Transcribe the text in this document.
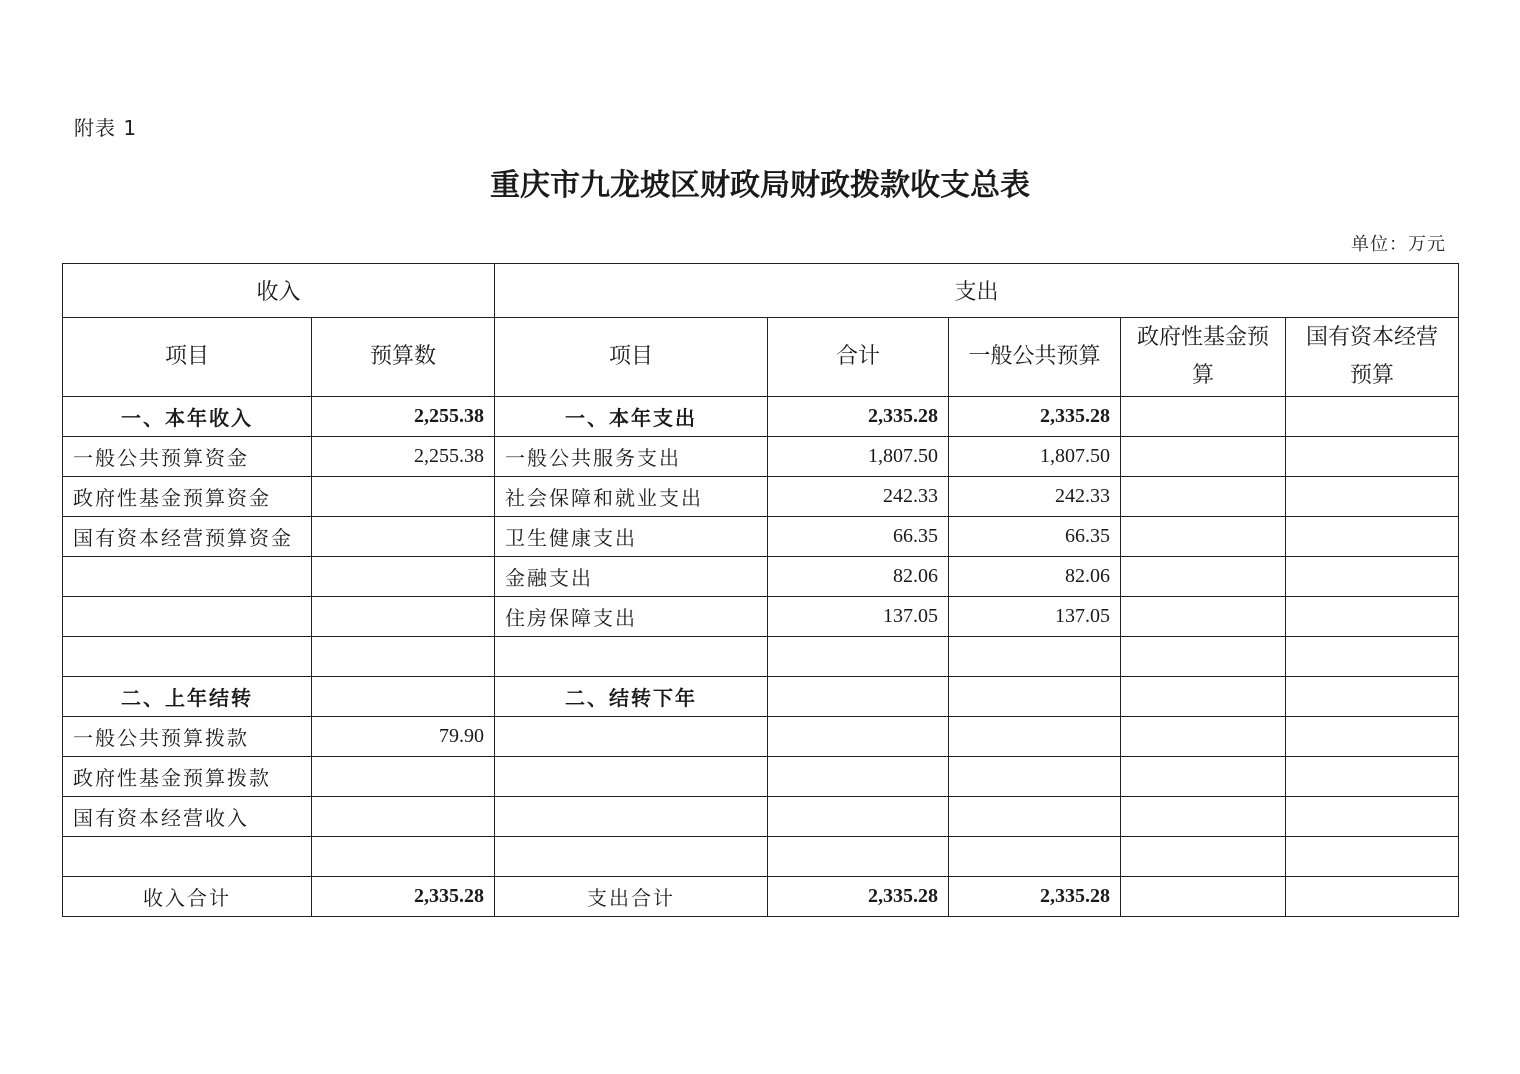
附表 1
重庆市九龙坡区财政局财政拨款收支总表
单位：万元
收入		支出				
项目	预算数	项目	合计	一般公共预算	政府性基金预算	国有资本经营预算
一、本年收入	2,255.38	一、本年支出	2,335.28	2,335.28		
一般公共预算资金	2,255.38	一般公共服务支出	1,807.50	1,807.50		
政府性基金预算资金		社会保障和就业支出	242.33	242.33		
国有资本经营预算资金		卫生健康支出	66.35	66.35		
		金融支出	82.06	82.06		
		住房保障支出	137.05	137.05		

二、上年结转		二、结转下年				
一般公共预算拨款	79.90					
政府性基金预算拨款						
国有资本经营收入						

收入合计	2,335.28	支出合计	2,335.28	2,335.28		
